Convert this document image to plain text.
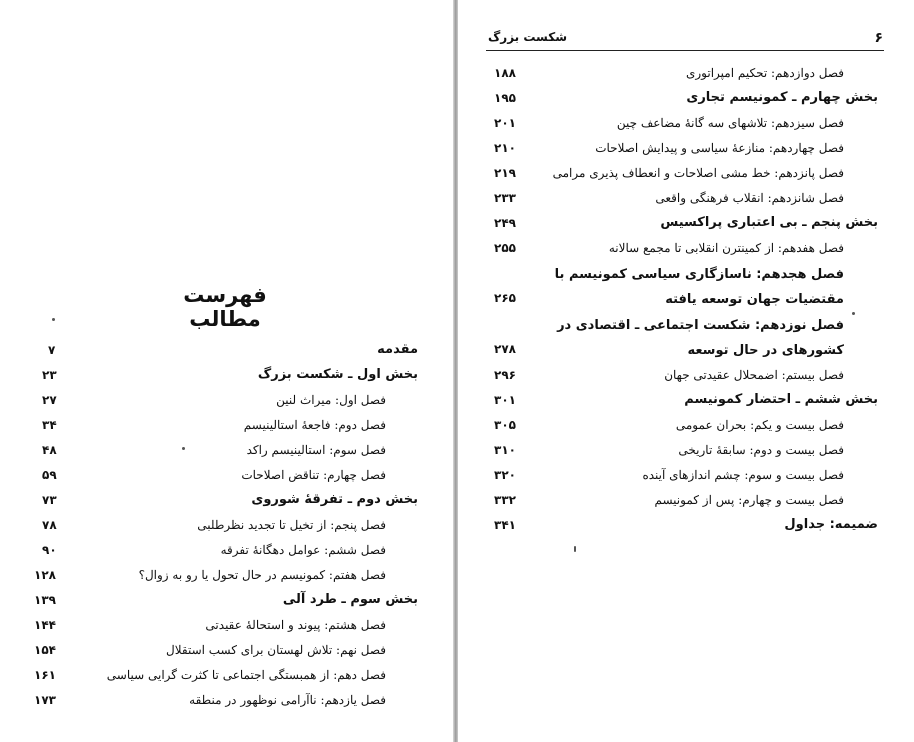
فهرست مطالب
مقدمه
۷
بخش اول ـ شکست بزرگ
۲۳
فصل اول: میراث لنین
۲۷
فصل دوم: فاجعهٔ استالینیسم
۳۴
فصل سوم: استالینیسم راکد
۴۸
فصل چهارم: تناقض اصلاحات
۵۹
بخش دوم ـ تفرقهٔ شوروی
۷۳
فصل پنجم: از تخیل تا تجدید نظرطلبی
۷۸
فصل ششم: عوامل دهگانهٔ تفرقه
۹۰
فصل هفتم: کمونیسم در حال تحول یا رو به زوال؟
۱۲۸
بخش سوم ـ طرد آلی
۱۳۹
فصل هشتم: پیوند و استحالهٔ عقیدتی
۱۴۴
فصل نهم: تلاش لهستان برای کسب استقلال
۱۵۴
فصل دهم: از همبستگی اجتماعی تا کثرت گرایی سیاسی
۱۶۱
فصل یازدهم: ناآرامی نوظهور در منطقه
۱۷۳
۶
شکست بزرگ
فصل دوازدهم: تحکیم امپراتوری
۱۸۸
بخش چهارم ـ کمونیسم تجاری
۱۹۵
فصل سیزدهم: تلاشهای سه گانهٔ مضاعف چین
۲۰۱
فصل چهاردهم: منازعهٔ سیاسی و پیدایش اصلاحات
۲۱۰
فصل پانزدهم: خط مشی اصلاحات و انعطاف پذیری مرامی
۲۱۹
فصل شانزدهم: انقلاب فرهنگی واقعی
۲۳۳
بخش پنجم ـ بی اعتباری پراکسیس
۲۴۹
فصل هفدهم: از کمینترن انقلابی تا مجمع سالانه
۲۵۵
فصل هجدهم: ناسازگاری سیاسی کمونیسم با مقتضیات جهان توسعه یافته
۲۶۵
فصل نوزدهم: شکست اجتماعی ـ اقتصادی در کشورهای در حال توسعه
۲۷۸
فصل بیستم: اضمحلال عقیدتی جهان
۲۹۶
بخش ششم ـ احتضار کمونیسم
۳۰۱
فصل بیست و یکم: بحران عمومی
۳۰۵
فصل بیست و دوم: سابقهٔ تاریخی
۳۱۰
فصل بیست و سوم: چشم اندازهای آینده
۳۲۰
فصل بیست و چهارم: پس از کمونیسم
۳۳۲
ضمیمه: جداول
۳۴۱
